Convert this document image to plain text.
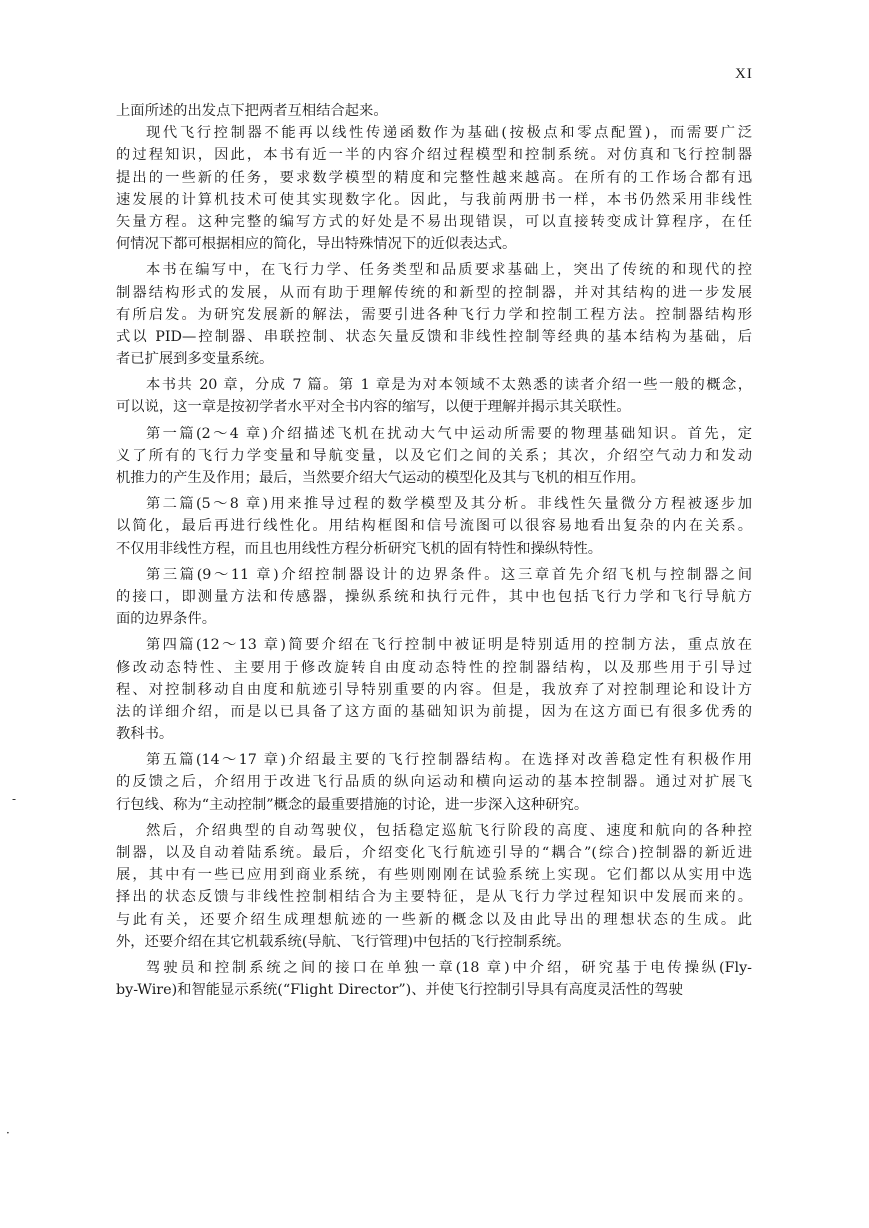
XI
上面所述的出发点下把两者互相结合起来。
现代飞行控制器不能再以线性传递函数作为基础(按极点和零点配置)，而需要广泛
的过程知识，因此，本书有近一半的内容介绍过程模型和控制系统。对仿真和飞行控制器
提出的一些新的任务，要求数学模型的精度和完整性越来越高。在所有的工作场合都有迅
速发展的计算机技术可使其实现数字化。因此，与我前两册书一样，本书仍然采用非线性
矢量方程。这种完整的编写方式的好处是不易出现错误，可以直接转变成计算程序，在任
何情况下都可根据相应的简化，导出特殊情况下的近似表达式。
本书在编写中，在飞行力学、任务类型和品质要求基础上，突出了传统的和现代的控
制器结构形式的发展，从而有助于理解传统的和新型的控制器，并对其结构的进一步发展
有所启发。为研究发展新的解法，需要引进各种飞行力学和控制工程方法。控制器结构形
式以 PID—控制器、串联控制、状态矢量反馈和非线性控制等经典的基本结构为基础，后
者已扩展到多变量系统。
本书共 20 章，分成 7 篇。第 1 章是为对本领域不太熟悉的读者介绍一些一般的概念，
可以说，这一章是按初学者水平对全书内容的缩写，以便于理解并揭示其关联性。
第一篇(2～4 章)介绍描述飞机在扰动大气中运动所需要的物理基础知识。首先，定
义了所有的飞行力学变量和导航变量，以及它们之间的关系；其次，介绍空气动力和发动
机推力的产生及作用；最后，当然要介绍大气运动的模型化及其与飞机的相互作用。
第二篇(5～8 章)用来推导过程的数学模型及其分析。非线性矢量微分方程被逐步加
以简化，最后再进行线性化。用结构框图和信号流图可以很容易地看出复杂的内在关系。
不仅用非线性方程，而且也用线性方程分析研究飞机的固有特性和操纵特性。
第三篇(9～11 章)介绍控制器设计的边界条件。这三章首先介绍飞机与控制器之间
的接口，即测量方法和传感器，操纵系统和执行元件，其中也包括飞行力学和飞行导航方
面的边界条件。
第四篇(12～13 章)简要介绍在飞行控制中被证明是特别适用的控制方法，重点放在
修改动态特性、主要用于修改旋转自由度动态特性的控制器结构，以及那些用于引导过
程、对控制移动自由度和航迹引导特别重要的内容。但是，我放弃了对控制理论和设计方
法的详细介绍，而是以已具备了这方面的基础知识为前提，因为在这方面已有很多优秀的
教科书。
第五篇(14～17 章)介绍最主要的飞行控制器结构。在选择对改善稳定性有积极作用
的反馈之后，介绍用于改进飞行品质的纵向运动和横向运动的基本控制器。通过对扩展飞
行包线、称为“主动控制”概念的最重要措施的讨论，进一步深入这种研究。
然后，介绍典型的自动驾驶仪，包括稳定巡航飞行阶段的高度、速度和航向的各种控
制器，以及自动着陆系统。最后，介绍变化飞行航迹引导的“耦合”(综合)控制器的新近进
展，其中有一些已应用到商业系统，有些则刚刚在试验系统上实现。它们都以从实用中选
择出的状态反馈与非线性控制相结合为主要特征，是从飞行力学过程知识中发展而来的。
与此有关，还要介绍生成理想航迹的一些新的概念以及由此导出的理想状态的生成。此
外，还要介绍在其它机载系统(导航、飞行管理)中包括的飞行控制系统。
驾驶员和控制系统之间的接口在单独一章(18 章)中介绍，研究基于电传操纵(Fly-
by-Wire)和智能显示系统(“Flight Director”)、并使飞行控制引导具有高度灵活性的驾驶
-
·
